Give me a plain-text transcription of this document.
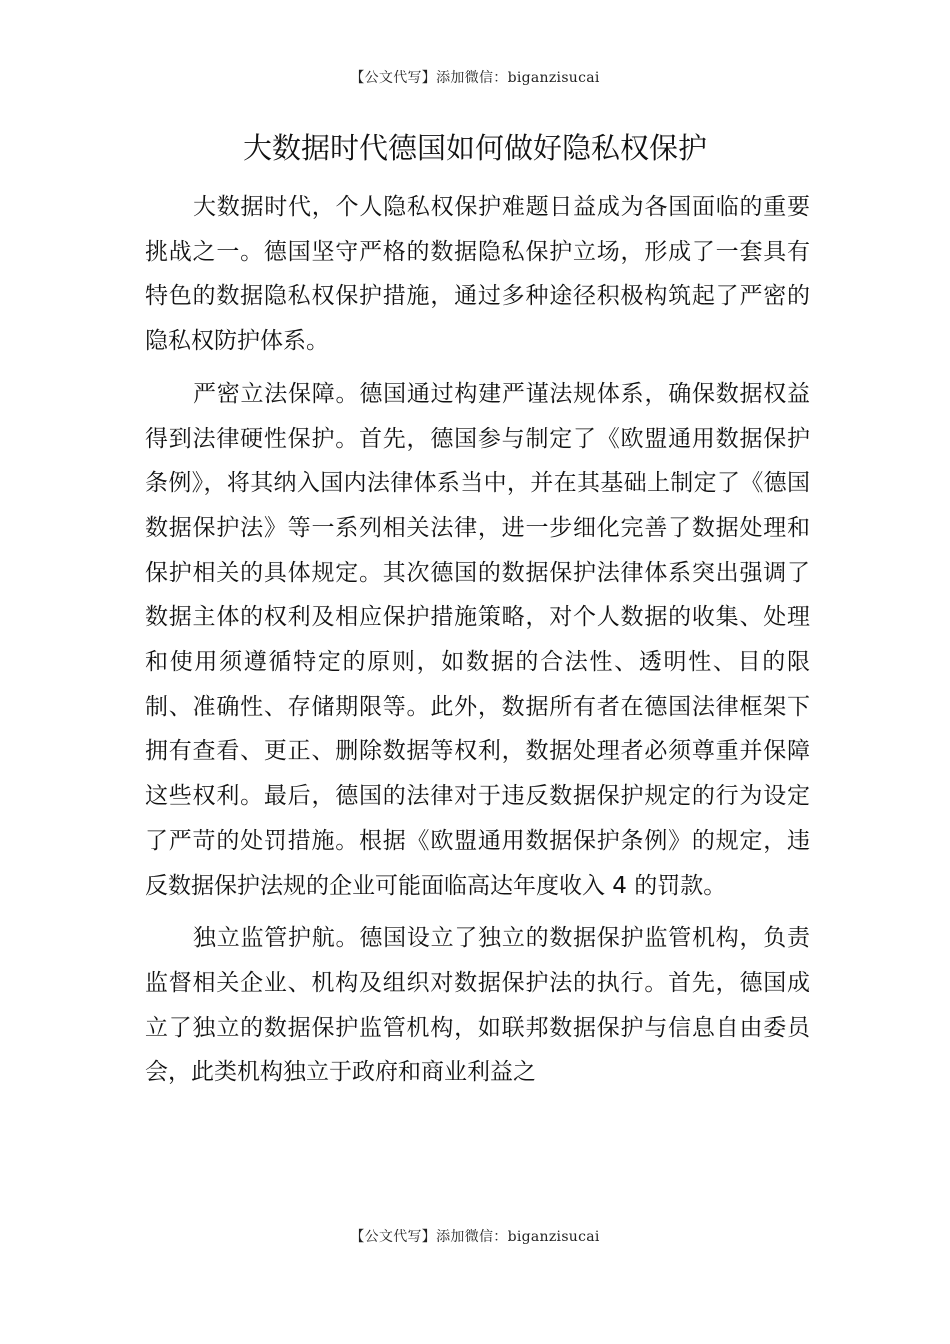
【公文代写】添加微信：biganzisucai
大数据时代德国如何做好隐私权保护

大数据时代，个人隐私权保护难题日益成为各国面临的重要挑战之一。德国坚守严格的数据隐私保护立场，形成了一套具有特色的数据隐私权保护措施，通过多种途径积极构筑起了严密的隐私权防护体系。

严密立法保障。德国通过构建严谨法规体系，确保数据权益得到法律硬性保护。首先，德国参与制定了《欧盟通用数据保护条例》，将其纳入国内法律体系当中，并在其基础上制定了《德国数据保护法》等一系列相关法律，进一步细化完善了数据处理和保护相关的具体规定。其次德国的数据保护法律体系突出强调了数据主体的权利及相应保护措施策略，对个人数据的收集、处理和使用须遵循特定的原则，如数据的合法性、透明性、目的限制、准确性、存储期限等。此外，数据所有者在德国法律框架下拥有查看、更正、删除数据等权利，数据处理者必须尊重并保障这些权利。最后，德国的法律对于违反数据保护规定的行为设定了严苛的处罚措施。根据《欧盟通用数据保护条例》的规定，违反数据保护法规的企业可能面临高达年度收入 4 的罚款。

独立监管护航。德国设立了独立的数据保护监管机构，负责监督相关企业、机构及组织对数据保护法的执行。首先，德国成立了独立的数据保护监管机构，如联邦数据保护与信息自由委员会，此类机构独立于政府和商业利益之

【公文代写】添加微信：biganzisucai
